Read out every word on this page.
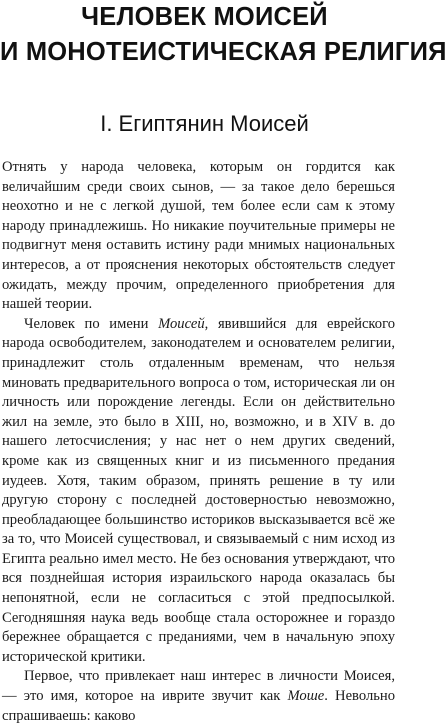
ЧЕЛОВЕК МОИСЕЙ
И МОНОТЕИСТИЧЕСКАЯ РЕЛИГИЯ
I. Египтянин Моисей

Отнять у народа человека, которым он гордится как величайшим среди своих сынов, — за такое дело берешься неохотно и не с легкой душой, тем более если сам к этому народу принадлежишь. Но никакие поучительные примеры не подвигнут меня оставить истину ради мнимых национальных интересов, а от прояснения некоторых обстоятельств следует ожидать, между прочим, определенного приобретения для нашей теории.

Человек по имени Моисей, явившийся для еврейского народа освободителем, законодателем и основателем религии, принадлежит столь отдаленным временам, что нельзя миновать предварительного вопроса о том, историческая ли он личность или порождение легенды. Если он действительно жил на земле, это было в XIII, но, возможно, и в XIV в. до нашего летосчисления; у нас нет о нем других сведений, кроме как из священных книг и из письменного предания иудеев. Хотя, таким образом, принять решение в ту или другую сторону с последней достоверностью невозможно, преобладающее большинство историков высказывается всё же за то, что Моисей существовал, и связываемый с ним исход из Египта реально имел место. Не без основания утверждают, что вся позднейшая история израильского народа оказалась бы непонятной, если не согласиться с этой предпосылкой. Сегодняшняя наука ведь вообще стала осторожнее и гораздо бережнее обращается с преданиями, чем в начальную эпоху исторической критики.

Первое, что привлекает наш интерес в личности Моисея, — это имя, которое на иврите звучит как Моше. Невольно спрашиваешь: каково
